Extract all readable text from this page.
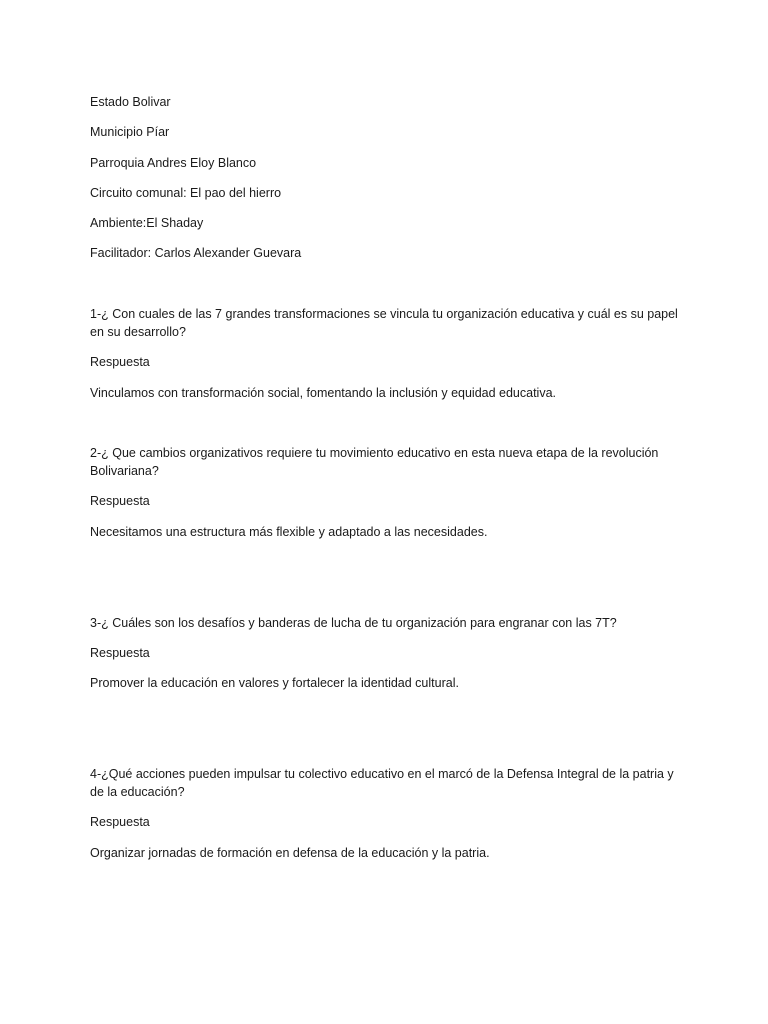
Estado Bolivar

Municipio Píar

Parroquia Andres Eloy Blanco

Circuito comunal: El pao del hierro

Ambiente:El Shaday

Facilitador: Carlos Alexander Guevara

1-¿ Con cuales de las 7 grandes transformaciones se vincula tu organización educativa y cuál es su papel en su desarrollo?

Respuesta

Vinculamos con transformación social, fomentando la inclusión y equidad educativa.

2-¿ Que cambios organizativos requiere tu movimiento educativo en esta nueva etapa de la revolución Bolivariana?

Respuesta

Necesitamos una estructura más flexible y adaptado a las necesidades.

3-¿ Cuáles son los desafíos y banderas de lucha de tu organización para engranar con las 7T?

Respuesta

Promover la educación en valores y fortalecer la identidad cultural.

4-¿Qué acciones pueden impulsar tu colectivo educativo en el marcó de la Defensa Integral de la patria y de la educación?

Respuesta

Organizar jornadas de formación en defensa de la educación y la patria.
